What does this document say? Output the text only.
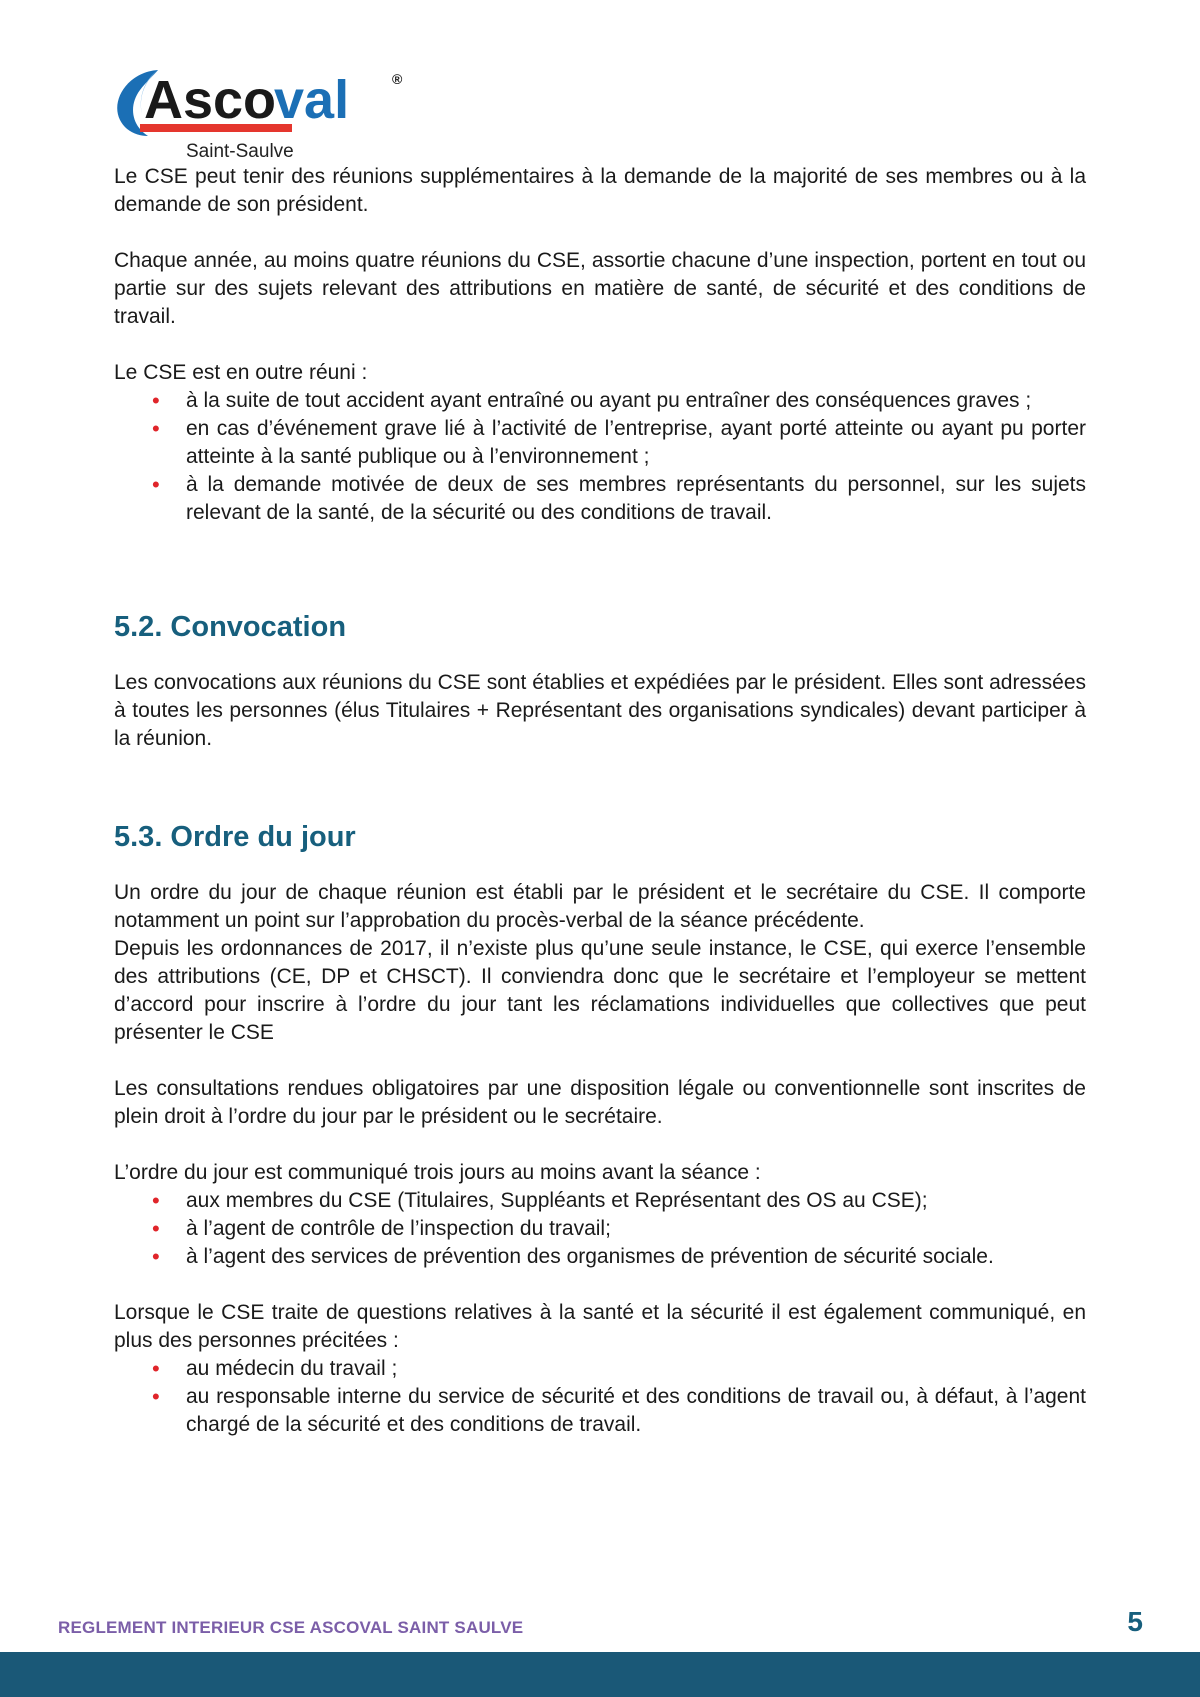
Asco
val	®
Saint-Saulve

Le CSE peut tenir des réunions supplémentaires à la demande de la majorité de ses membres ou à la demande de son président.

Chaque année, au moins quatre réunions du CSE, assortie chacune d’une inspection, portent en tout ou partie sur des sujets relevant des attributions en matière de santé, de sécurité et des conditions de travail.

Le CSE est en outre réuni :

• à la suite de tout accident ayant entraîné ou ayant pu entraîner des conséquences graves ;
• en cas d’événement grave lié à l’activité de l’entreprise, ayant porté atteinte ou ayant pu porter atteinte à la santé publique ou à l’environnement ;
• à la demande motivée de deux de ses membres représentants du personnel, sur les sujets relevant de la santé, de la sécurité ou des conditions de travail.
5.2. Convocation

Les convocations aux réunions du CSE sont établies et expédiées par le président. Elles sont adressées à toutes les personnes (élus Titulaires + Représentant des organisations syndicales) devant participer à la réunion.

5.3. Ordre du jour

Un ordre du jour de chaque réunion est établi par le président et le secrétaire du CSE. Il comporte notamment un point sur l’approbation du procès-verbal de la séance précédente.

Depuis les ordonnances de 2017, il n’existe plus qu’une seule instance, le CSE, qui exerce l’ensemble des attributions (CE, DP et CHSCT). Il conviendra donc que le secrétaire et l’employeur se mettent d’accord pour inscrire à l’ordre du jour tant les réclamations individuelles que collectives que peut présenter le CSE

Les consultations rendues obligatoires par une disposition légale ou conventionnelle sont inscrites de plein droit à l’ordre du jour par le président ou le secrétaire.

L’ordre du jour est communiqué trois jours au moins avant la séance :

• aux membres du CSE (Titulaires, Suppléants et Représentant des OS au CSE);
• à l’agent de contrôle de l’inspection du travail;
• à l’agent des services de prévention des organismes de prévention de sécurité sociale.

Lorsque le CSE traite de questions relatives à la santé et la sécurité il est également communiqué, en plus des personnes précitées :

• au médecin du travail ;
• au responsable interne du service de sécurité et des conditions de travail ou, à défaut, à l’agent chargé de la sécurité et des conditions de travail.
REGLEMENT INTERIEUR CSE ASCOVAL SAINT SAULVE	5
